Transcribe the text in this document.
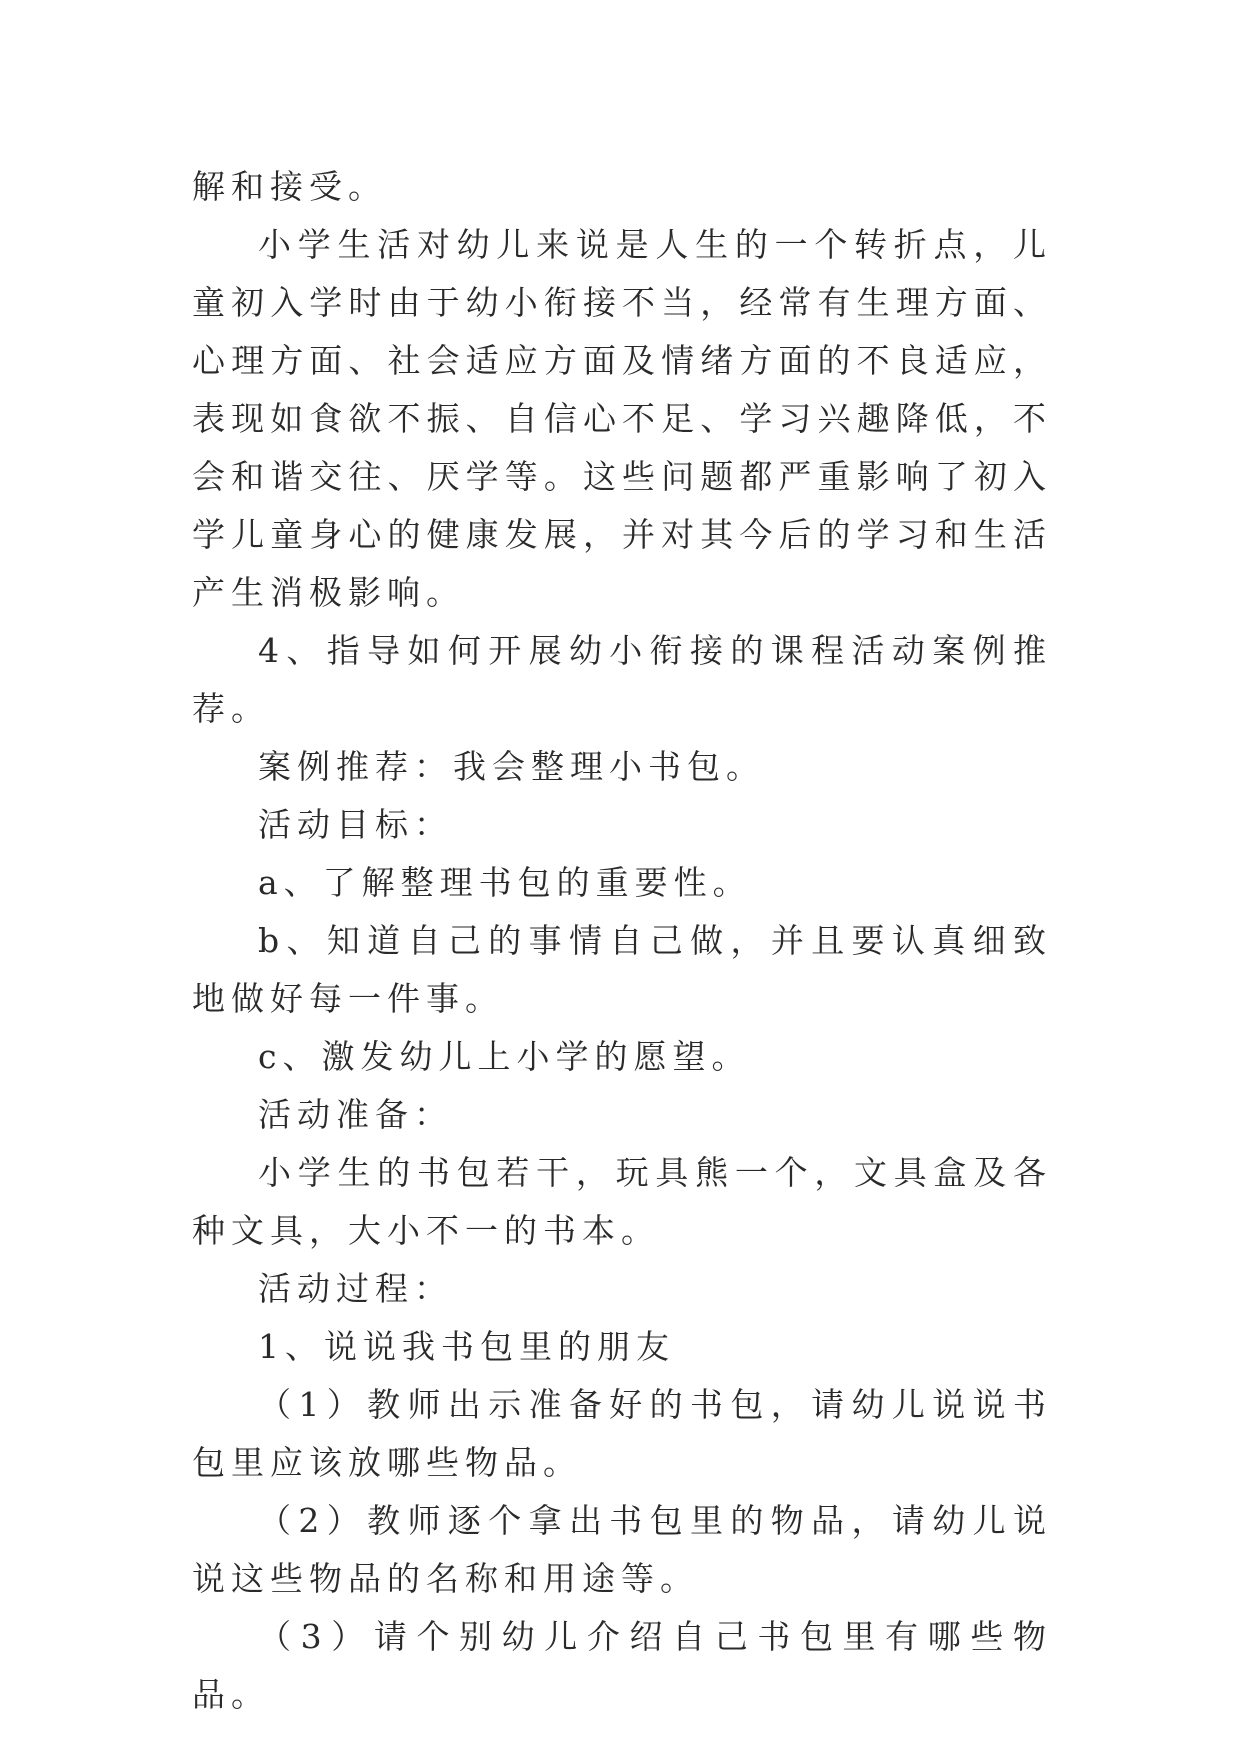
解和接受。

小学生活对幼儿来说是人生的一个转折点，儿童初入学时由于幼小衔接不当，经常有生理方面、心理方面、社会适应方面及情绪方面的不良适应，表现如食欲不振、自信心不足、学习兴趣降低，不会和谐交往、厌学等。这些问题都严重影响了初入学儿童身心的健康发展，并对其今后的学习和生活产生消极影响。

4、指导如何开展幼小衔接的课程活动案例推荐。

案例推荐：我会整理小书包。

活动目标：

a、了解整理书包的重要性。

b、知道自己的事情自己做，并且要认真细致地做好每一件事。

c、激发幼儿上小学的愿望。

活动准备：

小学生的书包若干，玩具熊一个，文具盒及各种文具，大小不一的书本。

活动过程：

1、说说我书包里的朋友

（1）教师出示准备好的书包，请幼儿说说书包里应该放哪些物品。

（2）教师逐个拿出书包里的物品，请幼儿说说这些物品的名称和用途等。

（3）请个别幼儿介绍自己书包里有哪些物品。
